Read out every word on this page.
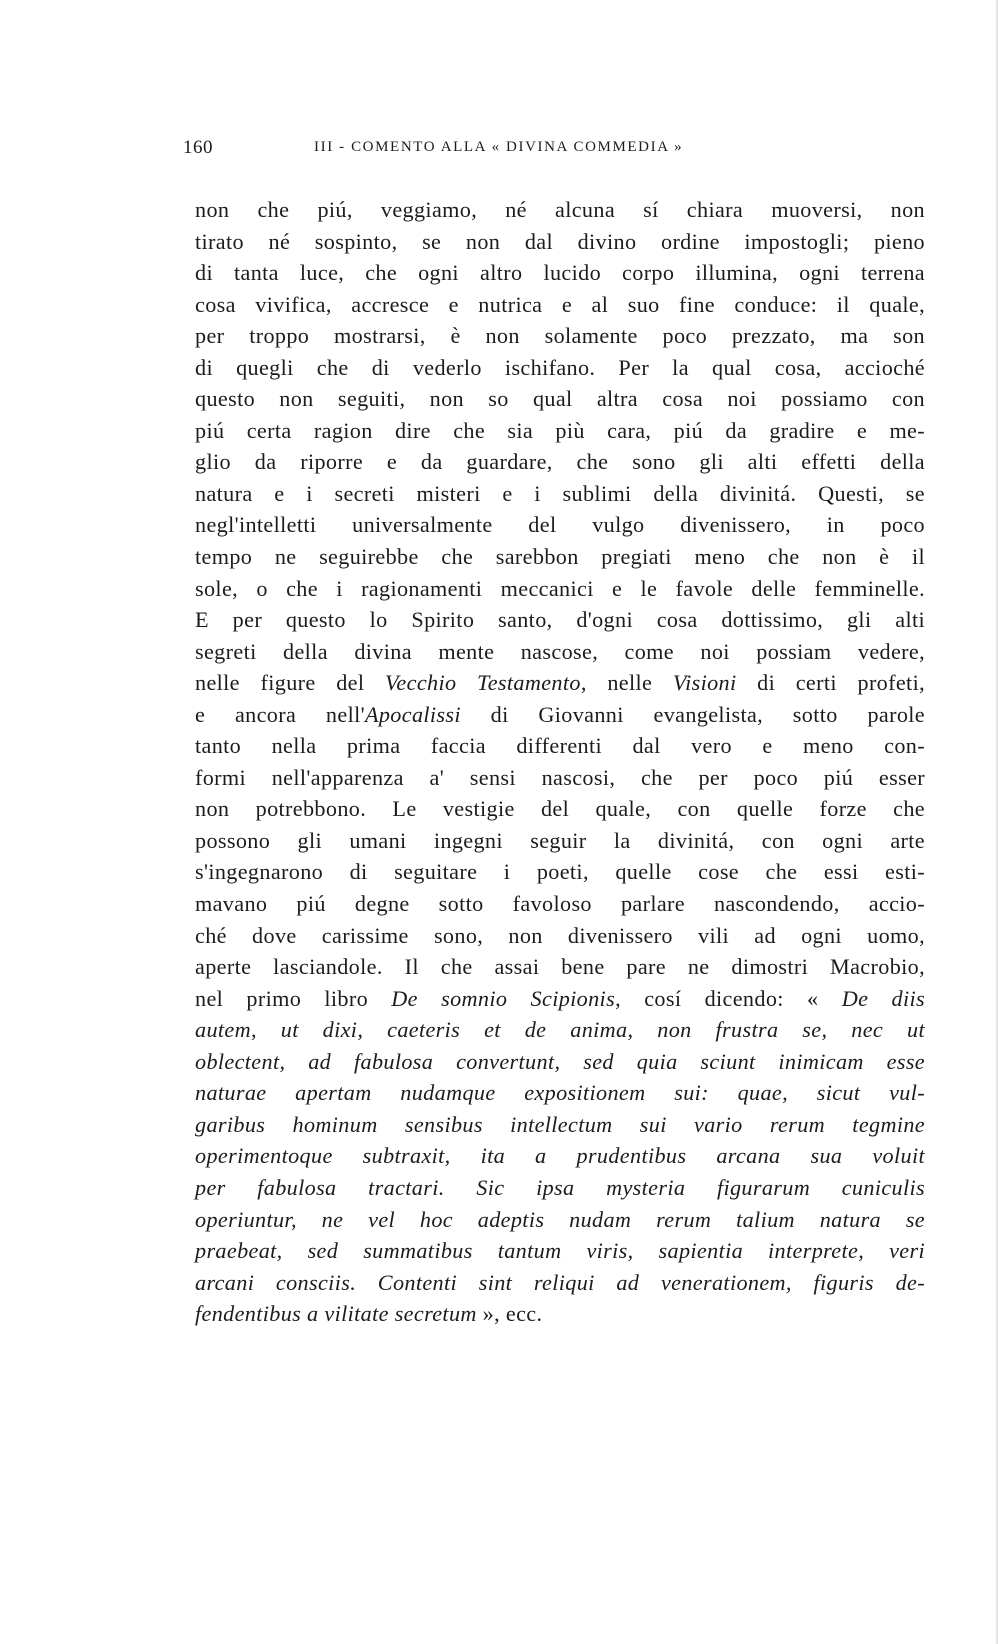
160	III - COMENTO ALLA « DIVINA COMMEDIA »
non che piú, veggiamo, né alcuna sí chiara muoversi, non
tirato né sospinto, se non dal divino ordine impostogli; pieno
di tanta luce, che ogni altro lucido corpo illumina, ogni terrena
cosa vivifica, accresce e nutrica e al suo fine conduce: il quale,
per troppo mostrarsi, è non solamente poco prezzato, ma son
di quegli che di vederlo ischifano. Per la qual cosa, accioché
questo non seguiti, non so qual altra cosa noi possiamo con
piú certa ragion dire che sia più cara, piú da gradire e me-
glio da riporre e da guardare, che sono gli alti effetti della
natura e i secreti misteri e i sublimi della divinitá. Questi, se
negl'intelletti universalmente del vulgo divenissero, in poco
tempo ne seguirebbe che sarebbon pregiati meno che non è il
sole, o che i ragionamenti meccanici e le favole delle femminelle.
E per questo lo Spirito santo, d'ogni cosa dottissimo, gli alti
segreti della divina mente nascose, come noi possiam vedere,
nelle figure del Vecchio Testamento, nelle Visioni di certi profeti,
e ancora nell'Apocalissi di Giovanni evangelista, sotto parole
tanto nella prima faccia differenti dal vero e meno con-
formi nell'apparenza a' sensi nascosi, che per poco piú esser
non potrebbono. Le vestigie del quale, con quelle forze che
possono gli umani ingegni seguir la divinitá, con ogni arte
s'ingegnarono di seguitare i poeti, quelle cose che essi esti-
mavano piú degne sotto favoloso parlare nascondendo, accio-
ché dove carissime sono, non divenissero vili ad ogni uomo,
aperte lasciandole. Il che assai bene pare ne dimostri Macrobio,
nel primo libro De somnio Scipionis, cosí dicendo: « De diis
autem, ut dixi, caeteris et de anima, non frustra se, nec ut
oblectent, ad fabulosa convertunt, sed quia sciunt inimicam esse
naturae apertam nudamque expositionem sui: quae, sicut vul-
garibus hominum sensibus intellectum sui vario rerum tegmine
operimentoque subtraxit, ita a prudentibus arcana sua voluit
per fabulosa tractari. Sic ipsa mysteria figurarum cuniculis
operiuntur, ne vel hoc adeptis nudam rerum talium natura se
praebeat, sed summatibus tantum viris, sapientia interprete, veri
arcani consciis. Contenti sint reliqui ad venerationem, figuris de-
fendentibus a vilitate secretum », ecc.
